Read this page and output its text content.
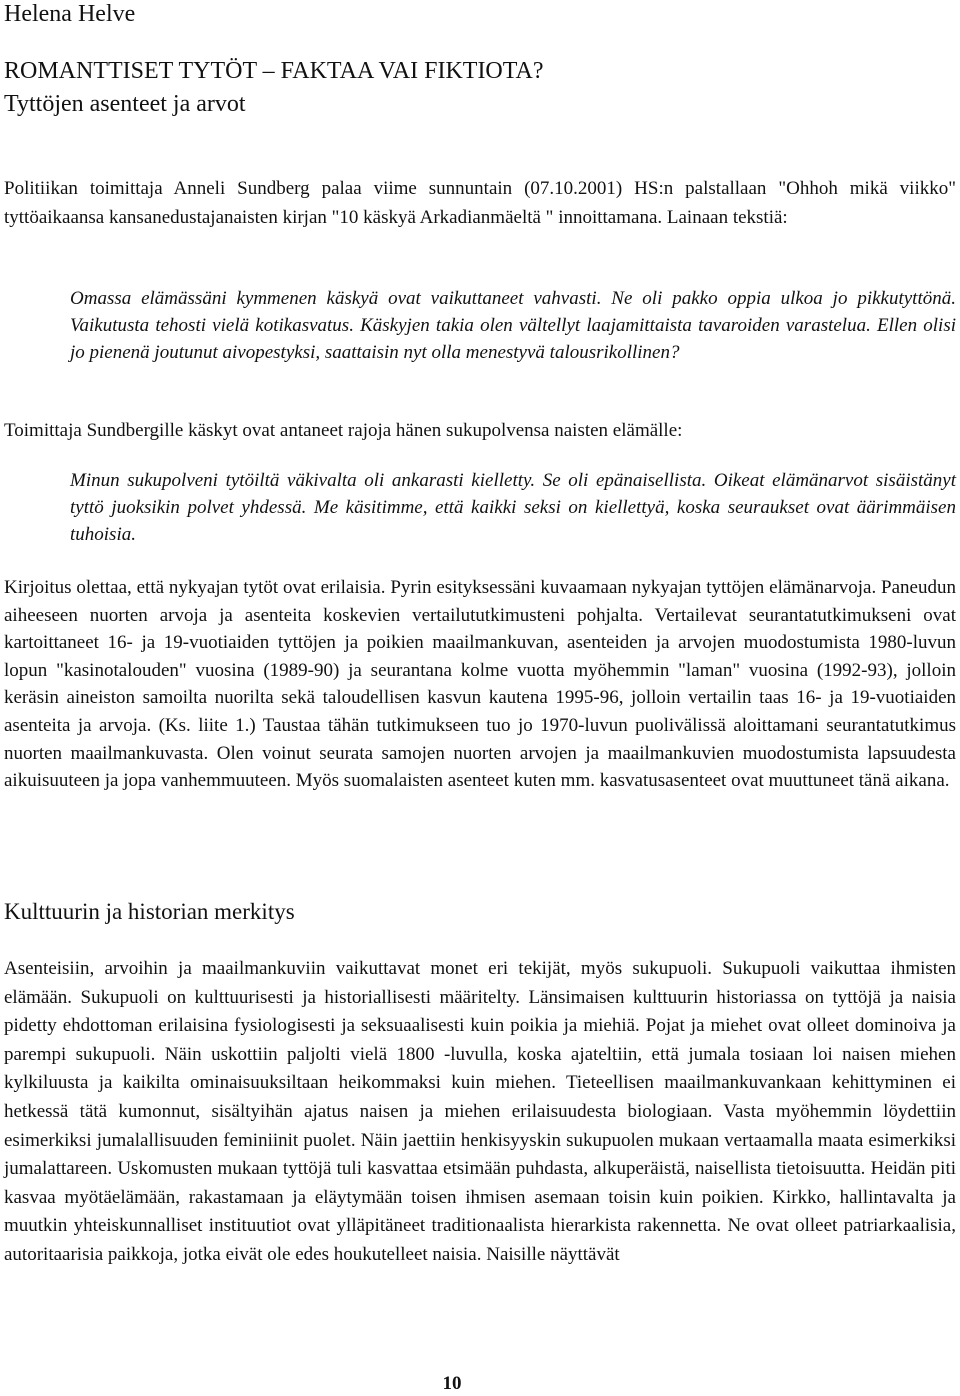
Helena Helve
ROMANTTISET TYTÖT – FAKTAA VAI FIKTIOTA?
Tyttöjen asenteet ja arvot

Politiikan toimittaja Anneli Sundberg palaa viime sunnuntain (07.10.2001) HS:n palstallaan "Ohhoh mikä viikko" tyttöaikaansa kansanedustajanaisten kirjan "10 käskyä Arkadianmäeltä " innoittamana. Lainaan tekstiä:

Omassa elämässäni kymmenen käskyä ovat vaikuttaneet vahvasti. Ne oli pakko oppia ulkoa jo pikkutyttönä. Vaikutusta tehosti vielä kotikasvatus. Käskyjen takia olen vältellyt laajamittaista tavaroiden varastelua. Ellen olisi jo pienenä joutunut aivopestyksi, saattaisin nyt olla menestyvä talousrikollinen?

Toimittaja Sundbergille käskyt ovat antaneet rajoja hänen sukupolvensa naisten elämälle:

Minun sukupolveni tytöiltä väkivalta oli ankarasti kielletty. Se oli epänaisellista. Oikeat elämänarvot sisäistänyt tyttö juoksikin polvet yhdessä. Me käsitimme, että kaikki seksi on kiellettyä, koska seuraukset ovat äärimmäisen tuhoisia.

Kirjoitus olettaa, että nykyajan tytöt ovat erilaisia. Pyrin esityksessäni kuvaamaan nykyajan tyttöjen elämänarvoja. Paneudun aiheeseen nuorten arvoja ja asenteita koskevien vertailututkimusteni pohjalta. Vertailevat seurantatutkimukseni ovat kartoittaneet 16- ja 19-vuotiaiden tyttöjen ja poikien maailmankuvan, asenteiden ja arvojen muodostumista 1980-luvun lopun "kasinotalouden" vuosina (1989-90) ja seurantana kolme vuotta myöhemmin "laman" vuosina (1992-93), jolloin keräsin aineiston samoilta nuorilta sekä taloudellisen kasvun kautena 1995-96, jolloin vertailin taas 16- ja 19-vuotiaiden asenteita ja arvoja. (Ks. liite 1.) Taustaa tähän tutkimukseen tuo jo 1970-luvun puolivälissä aloittamani seurantatutkimus nuorten maailmankuvasta. Olen voinut seurata samojen nuorten arvojen ja maailmankuvien muodostumista lapsuudesta aikuisuuteen ja jopa vanhemmuuteen. Myös suomalaisten asenteet kuten mm. kasvatusasenteet ovat muuttuneet tänä aikana.

Kulttuurin ja historian merkitys

Asenteisiin, arvoihin ja maailmankuviin vaikuttavat monet eri tekijät, myös sukupuoli. Sukupuoli vaikuttaa ihmisten elämään. Sukupuoli on kulttuurisesti ja historiallisesti määritelty. Länsimaisen kulttuurin historiassa on tyttöjä ja naisia pidetty ehdottoman erilaisina fysiologisesti ja seksuaalisesti kuin poikia ja miehiä. Pojat ja miehet ovat olleet dominoiva ja parempi sukupuoli. Näin uskottiin paljolti vielä 1800 -luvulla, koska ajateltiin, että jumala tosiaan loi naisen miehen kylkiluusta ja kaikilta ominaisuuksiltaan heikommaksi kuin miehen. Tieteellisen maailmankuvankaan kehittyminen ei hetkessä tätä kumonnut, sisältyihän ajatus naisen ja miehen erilaisuudesta biologiaan. Vasta myöhemmin löydettiin esimerkiksi jumalallisuuden feminiinit puolet. Näin jaettiin henkisyyskin sukupuolen mukaan vertaamalla maata esimerkiksi jumalattareen. Uskomusten mukaan tyttöjä tuli kasvattaa etsimään puhdasta, alkuperäistä, naisellista tietoisuutta. Heidän piti kasvaa myötäelämään, rakastamaan ja eläytymään toisen ihmisen asemaan toisin kuin poikien. Kirkko, hallintavalta ja muutkin yhteiskunnalliset instituutiot ovat ylläpitäneet traditionaalista hierarkista rakennetta. Ne ovat olleet patriarkaalisia, autoritaarisia paikkoja, jotka eivät ole edes houkutelleet naisia. Naisille näyttävät

10
